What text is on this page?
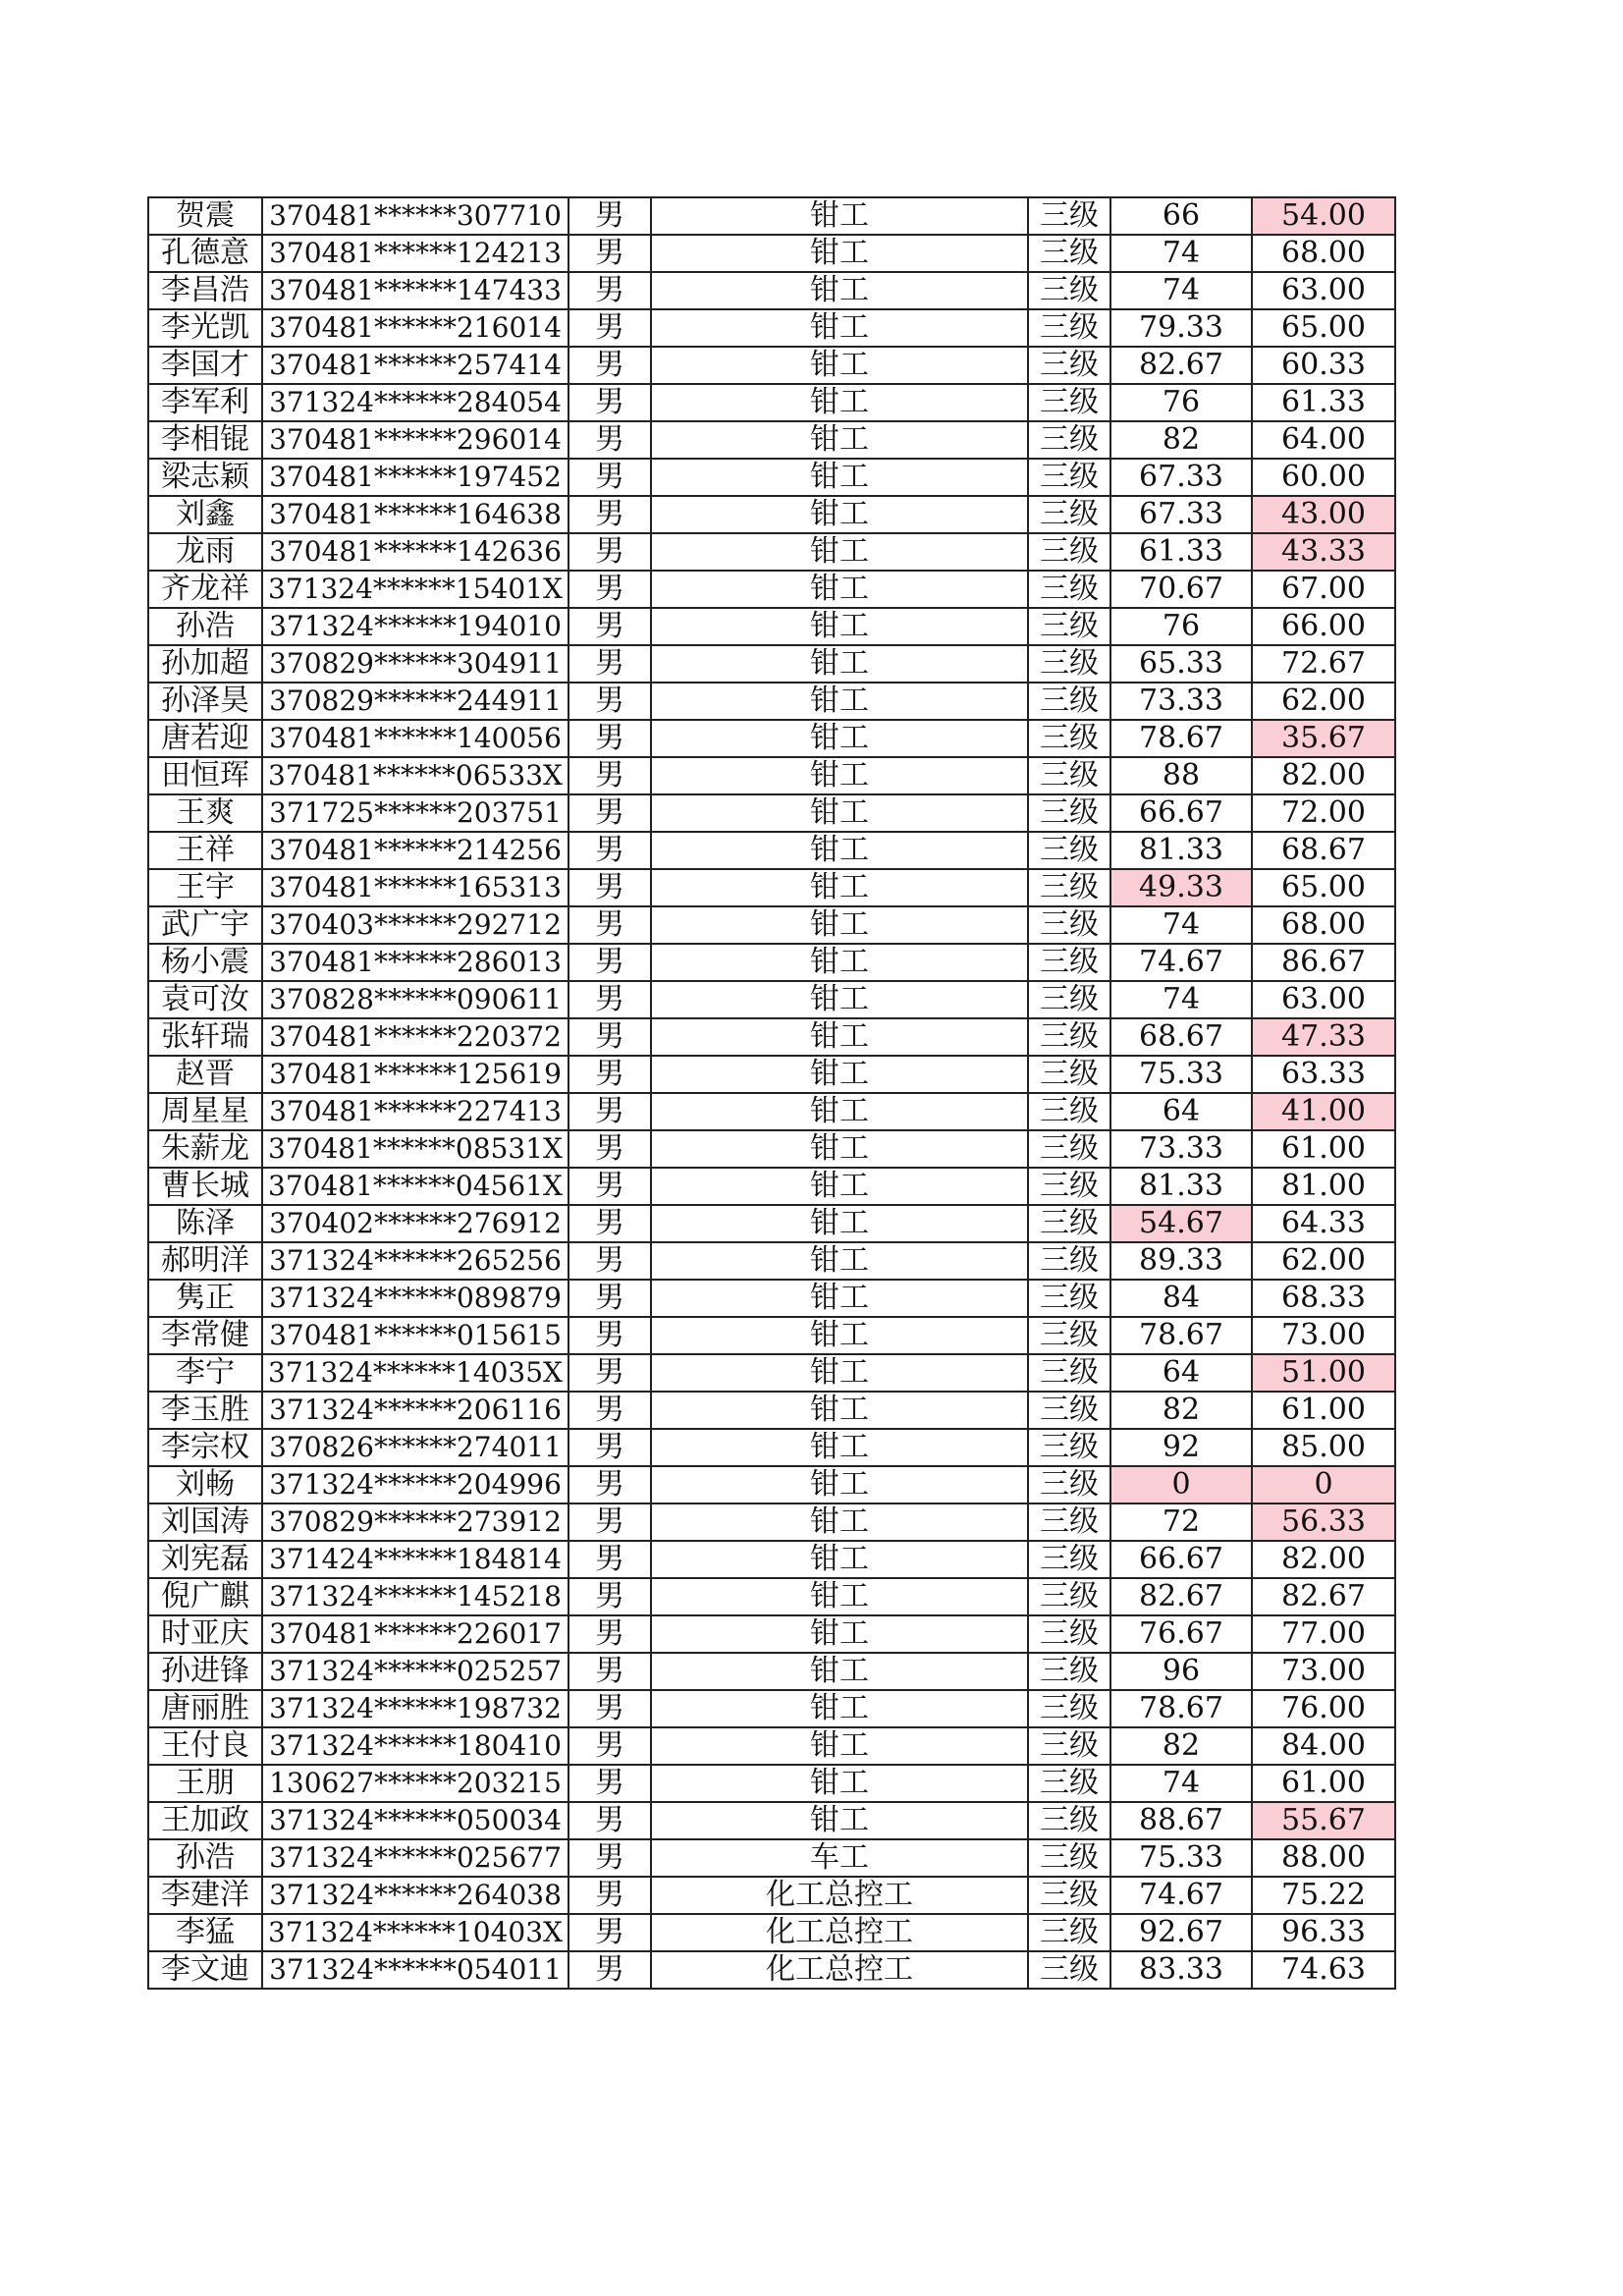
贺震	370481******307710	男	钳工	三级	66	54.00
孔德意	370481******124213	男	钳工	三级	74	68.00
李昌浩	370481******147433	男	钳工	三级	74	63.00
李光凯	370481******216014	男	钳工	三级	79.33	65.00
李国才	370481******257414	男	钳工	三级	82.67	60.33
李军利	371324******284054	男	钳工	三级	76	61.33
李相锟	370481******296014	男	钳工	三级	82	64.00
梁志颖	370481******197452	男	钳工	三级	67.33	60.00
刘鑫	370481******164638	男	钳工	三级	67.33	43.00
龙雨	370481******142636	男	钳工	三级	61.33	43.33
齐龙祥	371324******15401X	男	钳工	三级	70.67	67.00
孙浩	371324******194010	男	钳工	三级	76	66.00
孙加超	370829******304911	男	钳工	三级	65.33	72.67
孙泽昊	370829******244911	男	钳工	三级	73.33	62.00
唐若迎	370481******140056	男	钳工	三级	78.67	35.67
田恒珲	370481******06533X	男	钳工	三级	88	82.00
王爽	371725******203751	男	钳工	三级	66.67	72.00
王祥	370481******214256	男	钳工	三级	81.33	68.67
王宇	370481******165313	男	钳工	三级	49.33	65.00
武广宇	370403******292712	男	钳工	三级	74	68.00
杨小震	370481******286013	男	钳工	三级	74.67	86.67
袁可汝	370828******090611	男	钳工	三级	74	63.00
张轩瑞	370481******220372	男	钳工	三级	68.67	47.33
赵晋	370481******125619	男	钳工	三级	75.33	63.33
周星星	370481******227413	男	钳工	三级	64	41.00
朱薪龙	370481******08531X	男	钳工	三级	73.33	61.00
曹长城	370481******04561X	男	钳工	三级	81.33	81.00
陈泽	370402******276912	男	钳工	三级	54.67	64.33
郝明洋	371324******265256	男	钳工	三级	89.33	62.00
隽正	371324******089879	男	钳工	三级	84	68.33
李常健	370481******015615	男	钳工	三级	78.67	73.00
李宁	371324******14035X	男	钳工	三级	64	51.00
李玉胜	371324******206116	男	钳工	三级	82	61.00
李宗权	370826******274011	男	钳工	三级	92	85.00
刘畅	371324******204996	男	钳工	三级	0	0
刘国涛	370829******273912	男	钳工	三级	72	56.33
刘宪磊	371424******184814	男	钳工	三级	66.67	82.00
倪广麒	371324******145218	男	钳工	三级	82.67	82.67
时亚庆	370481******226017	男	钳工	三级	76.67	77.00
孙进锋	371324******025257	男	钳工	三级	96	73.00
唐丽胜	371324******198732	男	钳工	三级	78.67	76.00
王付良	371324******180410	男	钳工	三级	82	84.00
王朋	130627******203215	男	钳工	三级	74	61.00
王加政	371324******050034	男	钳工	三级	88.67	55.67
孙浩	371324******025677	男	车工	三级	75.33	88.00
李建洋	371324******264038	男	化工总控工	三级	74.67	75.22
李猛	371324******10403X	男	化工总控工	三级	92.67	96.33
李文迪	371324******054011	男	化工总控工	三级	83.33	74.63
